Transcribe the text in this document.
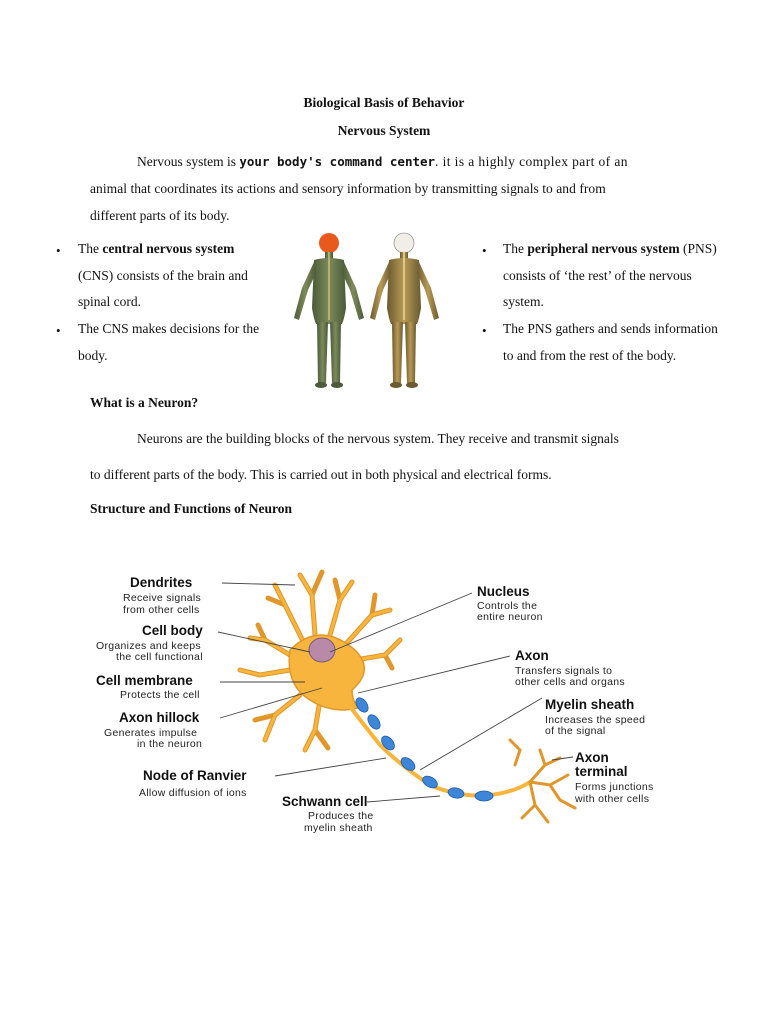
Biological Basis of Behavior
Nervous System
Nervous system is your body's command center. it is a highly complex part of an
animal that coordinates its actions and sensory information by transmitting signals to and from
different parts of its body.
• The central nervous system
(CNS) consists of the brain and
spinal cord.
• The CNS makes decisions for the
body.
• The peripheral nervous system (PNS)
consists of ‘the rest’ of the nervous
system.
• The PNS gathers and sends information
to and from the rest of the body.
What is a Neuron?
Neurons are the building blocks of the nervous system. They receive and transmit signals
to different parts of the body. This is carried out in both physical and electrical forms.
Structure and Functions of Neuron
Dendrites
Receive signals
from other cells
Cell body
Organizes and keeps
the cell functional
Cell membrane
Protects the cell
Axon hillock
Generates impulse
in the neuron
Node of Ranvier
Allow diffusion of ions
Schwann cell
Produces the
myelin sheath
Nucleus
Controls the
entire neuron
Axon
Transfers signals to
other cells and organs
Myelin sheath
Increases the speed
of the signal
Axon
terminal
Forms junctions
with other cells
